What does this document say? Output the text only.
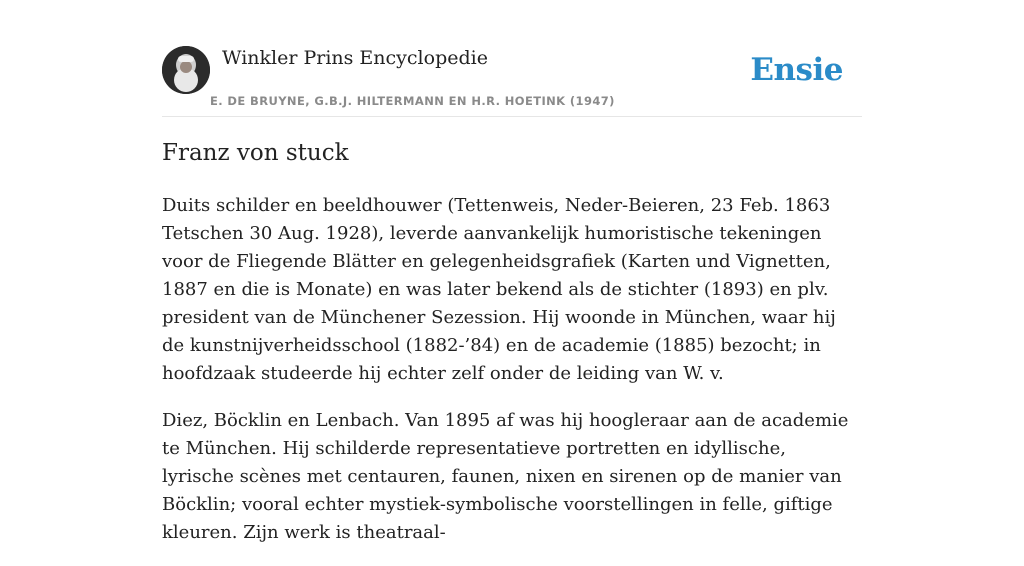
Winkler Prins Encyclopedie
E. DE BRUYNE, G.B.J. HILTERMANN EN H.R. HOETINK (1947)
Ensie
Franz von stuck

Duits schilder en beeldhouwer (Tettenweis, Neder-Beieren, 23 Feb. 1863 Tetschen 30 Aug. 1928), leverde aanvankelijk humoristische tekeningen voor de Fliegende Blätter en gelegenheidsgrafiek (Karten und Vignetten, 1887 en die is Monate) en was later bekend als de stichter (1893) en plv. president van de Münchener Sezession. Hij woonde in München, waar hij de kunstnijverheidsschool (1882-’84) en de academie (1885) bezocht; in hoofdzaak studeerde hij echter zelf onder de leiding van W. v.

Diez, Böcklin en Lenbach. Van 1895 af was hij hoogleraar aan de academie te München. Hij schilderde representatieve portretten en idyllische, lyrische scènes met centauren, faunen, nixen en sirenen op de manier van Böcklin; vooral echter mystiek-symbolische voorstellingen in felle, giftige kleuren. Zijn werk is theatraal-
